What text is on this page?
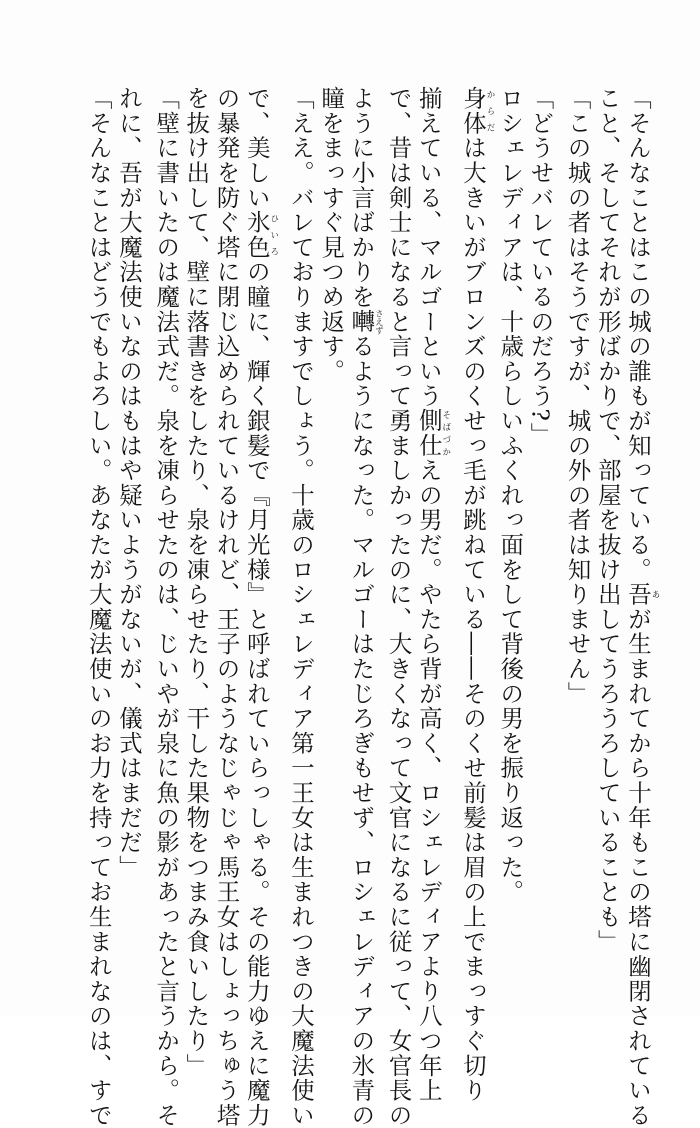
「そんなことはこの城の誰もが知っている。吾あが生まれてから十年もこの塔に幽閉されている
こと、そしてそれが形ばかりで、部屋を抜け出してうろうろしていることも」
「この城の者はそうですが、城の外の者は知りません」
「どうせバレているのだろう?」
ロシェレディアは、十歳らしいふくれっ面をして背後の男を振り返った。
身体からだは大きいがブロンズのくせっ毛が跳ねている――そのくせ前髪は眉の上でまっすぐ切り
揃えている、マルゴーという側仕そばづかえの男だ。やたら背が高く、ロシェレディアより八つ年上
で、昔は剣士になると言って勇ましかったのに、大きくなって文官になるに従って、女官長の
ように小言ばかりを囀さえずるようになった。マルゴーはたじろぎもせず、ロシェレディアの氷青の
瞳をまっすぐ見つめ返す。
「ええ。バレておりますでしょう。十歳のロシェレディア第一王女は生まれつきの大魔法使い
で、美しい氷色ひいろの瞳に、輝く銀髪で『月光様』と呼ばれていらっしゃる。その能力ゆえに魔力
の暴発を防ぐ塔に閉じ込められているけれど、王子のようなじゃじゃ馬王女はしょっちゅう塔
を抜け出して、壁に落書きをしたり、泉を凍らせたり、干した果物をつまみ食いしたり」
「壁に書いたのは魔法式だ。泉を凍らせたのは、じいやが泉に魚の影があったと言うから。そ
れに、吾が大魔法使いなのはもはや疑いようがないが、儀式はまだだ」
「そんなことはどうでもよろしい。あなたが大魔法使いのお力を持ってお生まれなのは、すで
